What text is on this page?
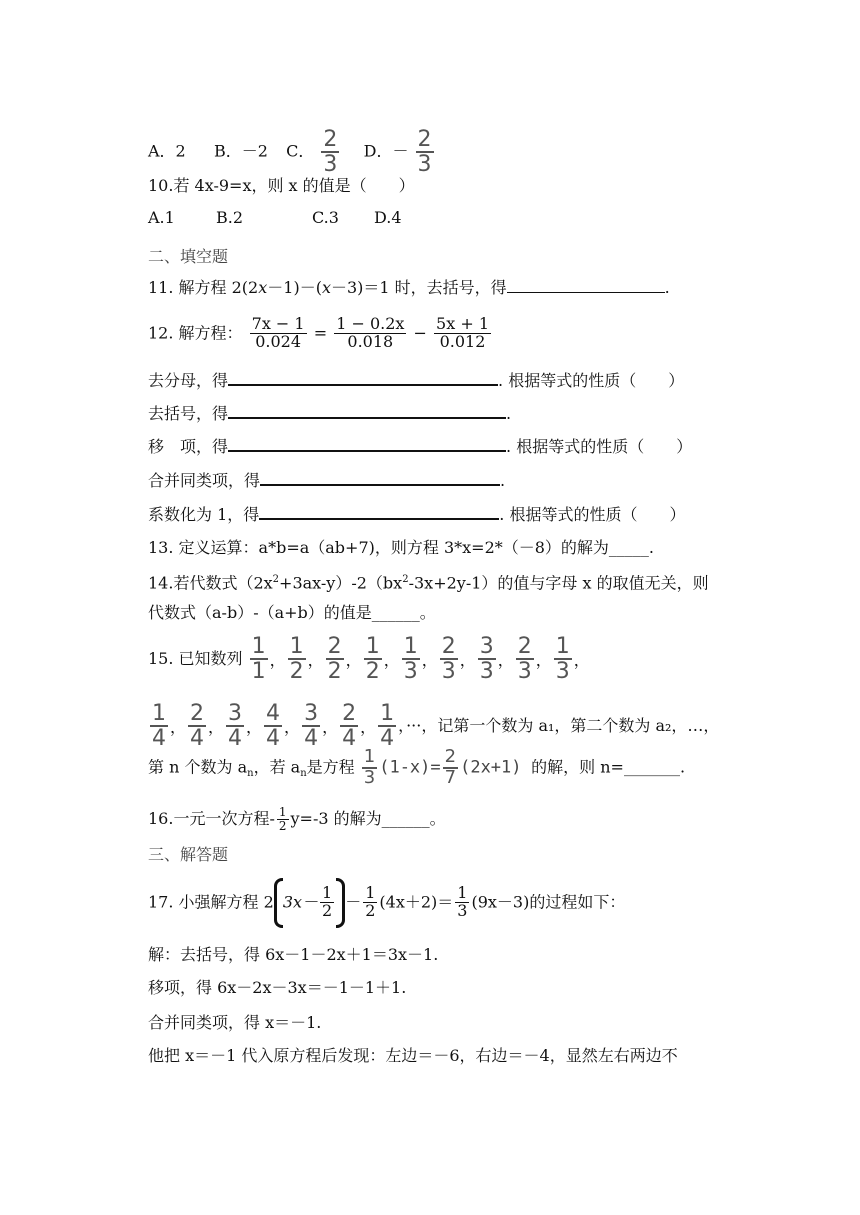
A．2 B．－2 C． $\frac{2}{3}$ D．－ $\frac{2}{3}$
10.若 4x-9=x，则 x 的值是（　　）
A.1	B.2	C.3 D.4
二、填空题
11. 解方程 2(2x－1)－(x－3)＝1 时，去括号，得	.
12. 解方程： $\frac{7x - 1}{0.024} = \frac{1 - 0.2x}{0.018} - \frac{5x + 1}{0.012}$
去分母，得	. 根据等式的性质（　　）
去括号，得	.
移　项，得	. 根据等式的性质（　　）
合并同类项，得	.
系数化为 1，得	. 根据等式的性质（　　）
13. 定义运算：a*b=a（ab+7)，则方程 3*x=2*（－8）的解为_____.
14.若代数式$(2x^2+3ax-y)-2(bx^2-3x+2y-1)$的值与字母 x 的取值无关，则
代数式（a-b）-（a+b）的值是______。
15. 已知数列 $\frac{1}{1}$ ， $\frac{1}{2}$ ， $\frac{2}{2}$ ， $\frac{1}{2}$ ， $\frac{1}{3}$ ， $\frac{2}{3}$ ， $\frac{3}{3}$ ， $\frac{2}{3}$ ， $\frac{1}{3}$ ，
$\frac{1}{4}$ ， $\frac{2}{4}$ ， $\frac{3}{4}$ ， $\frac{4}{4}$ ， $\frac{3}{4}$ ， $\frac{2}{4}$ ， $\frac{1}{4}$ ，···，记第一个数为 a₁，第二个数为 a₂，…，
第 n 个数为 $a_n$，若 $a_n$是方程 $\frac{1}{3} (1-x)= \frac{2}{7} (2x+1)$ 的解，则 n=_______.
16.一元一次方程- $\frac{1}{2} y=-3$ 的解为______。
三、解答题
17. 小强解方程 2 $3x- \frac{1}{2} - \frac{1}{2} (4x+2)= \frac{1}{3} (9x-3)$的过程如下：
解：去括号，得 6x－1－2x＋1＝3x－1.
移项，得 6x－2x－3x＝－1－1＋1.
合并同类项，得 x＝－1.
他把 x＝－1 代入原方程后发现：左边＝－6，右边＝－4，显然左右两边不
